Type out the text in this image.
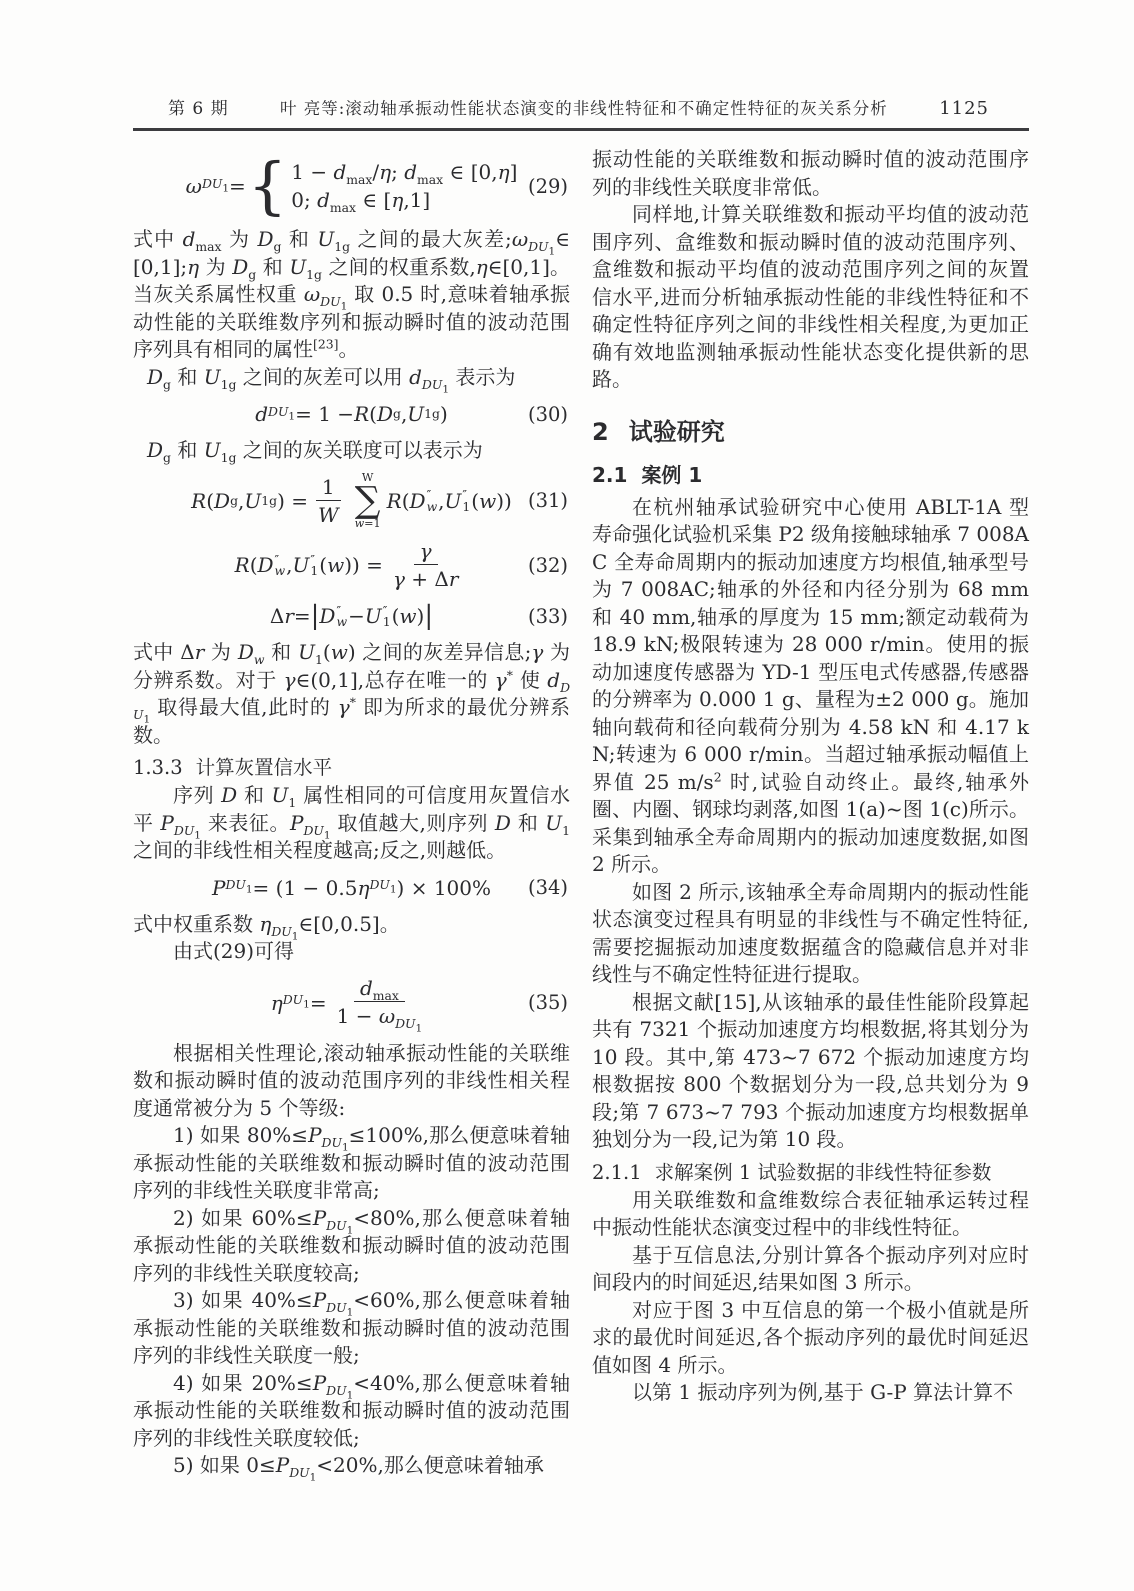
第 6 期	叶 亮等:滚动轴承振动性能状态演变的非线性特征和不确定性特征的灰关系分析	1125
ω $DU_1$ = { $1 - d_{max}/\eta$; $d_{max}$ ∈ [0,η]
0; $d_{max}$ ∈ [η,1]
(29)

式中 $d_{max}$ 为 $D_g$ 和 $U_{1g}$ 之间的最大灰差$;\omega_{DU_1}\in[0,1];\eta$ 为 $D_g$ 和 $U_{1g}$ 之间的权重系数,η∈[0,1]。当灰关系属性权重 $\omega_{DU_1}$ 取 0.5 时,意味着轴承振动性能的关联维数序列和振动瞬时值的波动范围序列具有相同的属性[23]。

$D_g$ 和 $U_{1g}$ 之间的灰差可以用 $d_{DU_1}$ 表示为

d $DU_1 = 1 - R$ ( D g , U 1g )	(30)

$D_g$ 和 $U_{1g}$ 之间的灰关联度可以表示为

R ( D g , U 1g ) = $\frac{1}{W}$ W
∑
w=1
R ( D ″
w , U ″
1 ( w )) (31)
R ( D ″
w , U ″
1 ( w )) = $\frac{\gamma}{\gamma + \Delta r}$	(32)
Δ r = | D ″
w − U ″
1 ( w ) |	(33)

式中 Δr 为 $D_w$ 和 $U_1(w)$ 之间的灰差异信息;γ 为分辨系数。对于 γ∈(0,1],总存在唯一的 γ* 使 $d_{DU_1}$ 取得最大值,此时的 γ* 即为所求的最优分辨系数。

1.3.3 计算灰置信水平

序列 D 和 $U_1$ 属性相同的可信度用灰置信水平 $P_{DU_1}$ 来表征。$P_{DU_1}$ 取值越大,则序列 D 和 $U_1$ 之间的非线性相关程度越高;反之,则越低。

P $DU_1 = (1 - 0.5$ η $DU_1$ ) × 100% (34)

式中权重系数 $\eta_{DU_1}\in[0,0.5]$。

由式(29)可得

η $DU_1 = \frac{d_{max}}{1 - \omega_{DU_1}}$	(35)

根据相关性理论,滚动轴承振动性能的关联维数和振动瞬时值的波动范围序列的非线性相关程度通常被分为 5 个等级:

1) 如果 $80\%\le P_{DU_1}\le 100\%$,那么便意味着轴承振动性能的关联维数和振动瞬时值的波动范围序列的非线性关联度非常高;

2) 如果 $60\%\le P_{DU_1}<80\%$,那么便意味着轴承振动性能的关联维数和振动瞬时值的波动范围序列的非线性关联度较高;

3) 如果 $40\%\le P_{DU_1}<60\%$,那么便意味着轴承振动性能的关联维数和振动瞬时值的波动范围序列的非线性关联度一般;

4) 如果 $20\%\le P_{DU_1}<40\%$,那么便意味着轴承振动性能的关联维数和振动瞬时值的波动范围序列的非线性关联度较低;

5) 如果 $0\le P_{DU_1}<20\%$,那么便意味着轴承

振动性能的关联维数和振动瞬时值的波动范围序列的非线性关联度非常低。

同样地,计算关联维数和振动平均值的波动范围序列、盒维数和振动瞬时值的波动范围序列、盒维数和振动平均值的波动范围序列之间的灰置信水平,进而分析轴承振动性能的非线性特征和不确定性特征序列之间的非线性相关程度,为更加正确有效地监测轴承振动性能状态变化提供新的思路。

2 试验研究
2.1 案例 1

在杭州轴承试验研究中心使用 ABLT-1A 型寿命强化试验机采集 P2 级角接触球轴承 7 008AC 全寿命周期内的振动加速度方均根值,轴承型号为 7 008AC;轴承的外径和内径分别为 68 mm 和 40 mm,轴承的厚度为 15 mm;额定动载荷为 18.9 kN;极限转速为 28 000 r/min。使用的振动加速度传感器为 YD-1 型压电式传感器,传感器的分辨率为 0.000 1 g、量程为±2 000 g。施加轴向载荷和径向载荷分别为 4.58 kN 和 4.17 kN;转速为 6 000 r/min。当超过轴承振动幅值上界值 25 $m/s^2$ 时,试验自动终止。最终,轴承外圈、内圈、钢球均剥落,如图 1(a)~图 1(c)所示。采集到轴承全寿命周期内的振动加速度数据,如图 2 所示。

如图 2 所示,该轴承全寿命周期内的振动性能状态演变过程具有明显的非线性与不确定性特征,需要挖掘振动加速度数据蕴含的隐藏信息并对非线性与不确定性特征进行提取。

根据文献[15],从该轴承的最佳性能阶段算起共有 7321 个振动加速度方均根数据,将其划分为 10 段。其中,第 473~7 672 个振动加速度方均根数据按 800 个数据划分为一段,总共划分为 9 段;第 7 673~7 793 个振动加速度方均根数据单独划分为一段,记为第 10 段。

2.1.1 求解案例 1 试验数据的非线性特征参数

用关联维数和盒维数综合表征轴承运转过程中振动性能状态演变过程中的非线性特征。

基于互信息法,分别计算各个振动序列对应时间段内的时间延迟,结果如图 3 所示。

对应于图 3 中互信息的第一个极小值就是所求的最优时间延迟,各个振动序列的最优时间延迟值如图 4 所示。

以第 1 振动序列为例,基于 G-P 算法计算不
